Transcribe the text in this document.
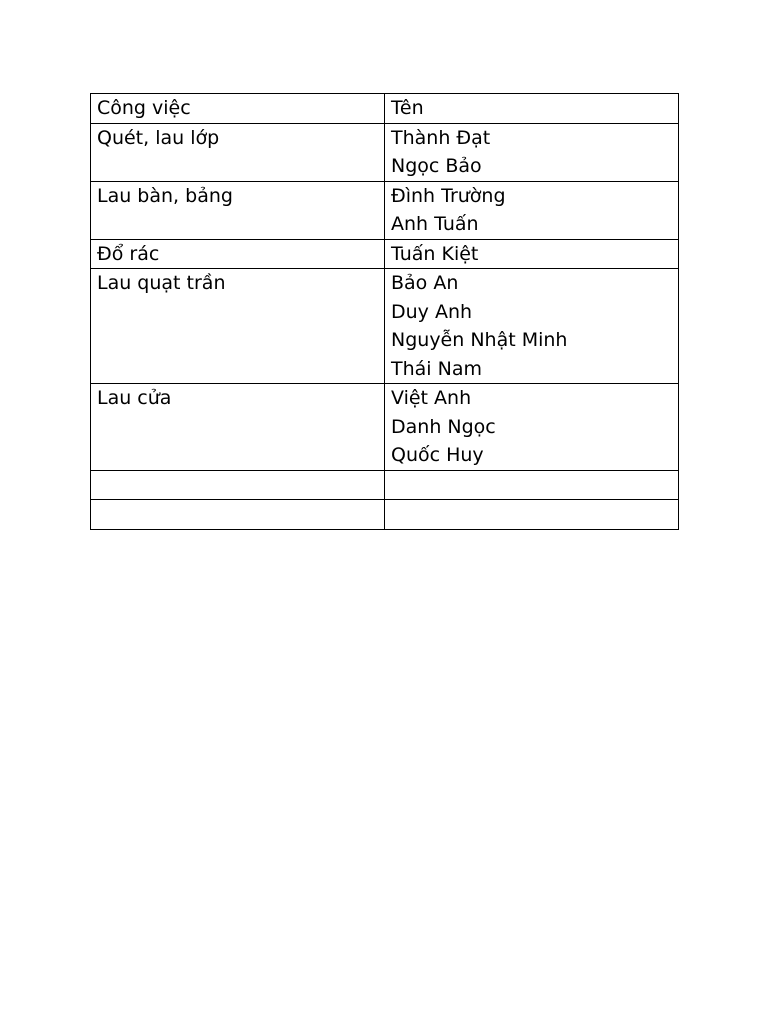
Công việc	Tên
Quét, lau lớp	Thành Đạt
Ngọc Bảo

Lau bàn, bảng	Đình Trường
Anh Tuấn

Đổ rác	Tuấn Kiệt

Lau quạt trần	Bảo An
Duy Anh
Nguyễn Nhật Minh
Thái Nam

Lau cửa	Việt Anh
Danh Ngọc
Quốc Huy
